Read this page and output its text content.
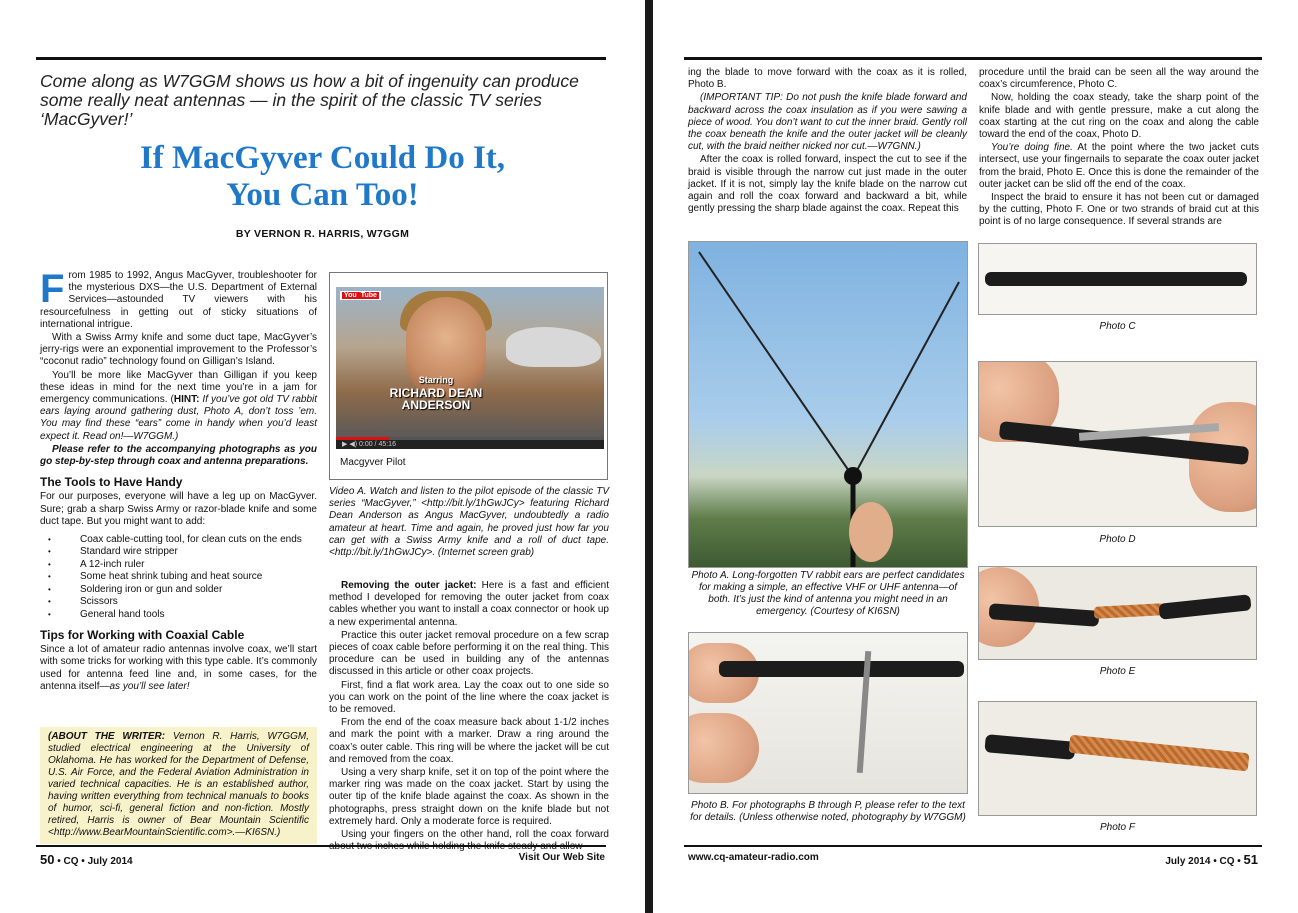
Come along as W7GGM shows us how a bit of ingenuity can produce some really neat antennas — in the spirit of the classic TV series ‘MacGyver!’
If MacGyver Could Do It,
You Can Too!
BY VERNON R. HARRIS, W7GGM

From 1985 to 1992, Angus MacGyver, troubleshooter for the mysterious DXS—the U.S. Department of External Services—astounded TV viewers with his resourcefulness in getting out of sticky situations of international intrigue.

With a Swiss Army knife and some duct tape, MacGyver’s jerry-rigs were an exponential improvement to the Professor’s “coconut radio” technology found on Gilligan’s Island.

You’ll be more like MacGyver than Gilligan if you keep these ideas in mind for the next time you’re in a jam for emergency communications. (HINT: If you’ve got old TV rabbit ears laying around gathering dust, Photo A, don’t toss ’em. You may find these “ears” come in handy when you’d least expect it. Read on!—W7GGM.)

Please refer to the accompanying photographs as you go step-by-step through coax and antenna preparations.

The Tools to Have Handy

For our purposes, everyone will have a leg up on MacGyver. Sure; grab a sharp Swiss Army or razor-blade knife and some duct tape. But you might want to add:

• Coax cable-cutting tool, for clean cuts on the ends
• Standard wire stripper
• A 12-inch ruler
• Some heat shrink tubing and heat source
• Soldering iron or gun and solder
• Scissors
• General hand tools
Tips for Working with Coaxial Cable

Since a lot of amateur radio antennas involve coax, we’ll start with some tricks for working with this type cable. It’s commonly used for antenna feed line and, in some cases, for the antenna itself—as you’ll see later!

(ABOUT THE WRITER: Vernon R. Harris, W7GGM, studied electrical engineering at the University of Oklahoma. He has worked for the Department of Defense, U.S. Air Force, and the Federal Aviation Administration in varied technical capacities. He is an established author, having written everything from technical manuals to books of humor, sci-fi, general fiction and non-fiction. Mostly retired, Harris is owner of Bear Mountain Scientific <http://www.BearMountainScientific.com>.—KI6SN.)
You Tube
Starring
RICHARD DEAN
ANDERSON
▶ ◀) 0:00 / 45:16
Macgyver Pilot
Video A. Watch and listen to the pilot episode of the classic TV series “MacGyver,” <http://bit.ly/1hGwJCy> featuring Richard Dean Anderson as Angus MacGyver, undoubtedly a radio amateur at heart. Time and again, he proved just how far you can get with a Swiss Army knife and a roll of duct tape. <http://bit.ly/1hGwJCy>. (Internet screen grab)

Removing the outer jacket: Here is a fast and efficient method I developed for removing the outer jacket from coax cables whether you want to install a coax connector or hook up a new experimental antenna.

Practice this outer jacket removal procedure on a few scrap pieces of coax cable before performing it on the real thing. This procedure can be used in building any of the antennas discussed in this article or other coax projects.

First, find a flat work area. Lay the coax out to one side so you can work on the point of the line where the coax jacket is to be removed.

From the end of the coax measure back about 1-1/2 inches and mark the point with a marker. Draw a ring around the coax’s outer cable. This ring will be where the jacket will be cut and removed from the coax.

Using a very sharp knife, set it on top of the point where the marker ring was made on the coax jacket. Start by using the outer tip of the knife blade against the coax. As shown in the photographs, press straight down on the knife blade but not extremely hard. Only a moderate force is required.

Using your fingers on the other hand, roll the coax forward

50 • CQ • July 2014	Visit Our Web Site

ing the blade to move forward with the coax as it is rolled, Photo B.

(IMPORTANT TIP: Do not push the knife blade forward and backward across the coax insulation as if you were sawing a piece of wood. You don’t want to cut the inner braid. Gently roll the coax beneath the knife and the outer jacket will be cleanly cut, with the braid neither nicked nor cut.—W7GNN.)

After the coax is rolled forward, inspect the cut to see if the braid is visible through the narrow cut just made in the outer jacket. If it is not, simply lay the knife blade on the narrow cut again and roll the coax forward and backward a bit, while gently pressing the sharp blade against the coax. Repeat this

procedure until the braid can be seen all the way around the coax’s circumference, Photo C.

Now, holding the coax steady, take the sharp point of the knife blade and with gentle pressure, make a cut along the coax starting at the cut ring on the coax and along the cable toward the end of the coax, Photo D.

You’re doing fine. At the point where the two jacket cuts intersect, use your fingernails to separate the coax outer jacket from the braid, Photo E. Once this is done the remainder of the outer jacket can be slid off the end of the coax.

Inspect the braid to ensure it has not been cut or damaged by the cutting, Photo F. One or two strands of braid cut at this point is of no large consequence. If several strands are

Photo A. Long-forgotten TV rabbit ears are perfect candidates for making a simple, an effective VHF or UHF antenna—of both. It’s just the kind of antenna you might need in an emergency. (Courtesy of KI6SN)
Photo B. For photographs B through P, please refer to the text for details. (Unless otherwise noted, photography by W7GGM)
Photo C
Photo D
Photo E
Photo F
www.cq-amateur-radio.com	July 2014 • CQ • 51
